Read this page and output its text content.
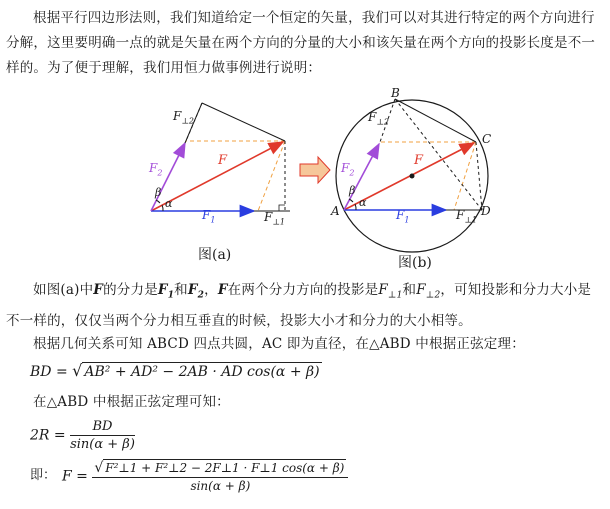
根据平行四边形法则，我们知道给定一个恒定的矢量，我们可以对其进行特定的两个方向进行分解，这里要明确一点的就是矢量在两个方向的分量的大小和该矢量在两个方向的投影长度是不一样的。为了便于理解，我们用恒力做事例进行说明：
$F_{\perp 2}$
$F_2$
F
β
α
$F_1$	$F_{\perp 1}$
图(a)
B
C
A	D
$F_{\perp 2}$
$F_2$
F
β
α
$F_1$	$F_{\perp 1}$
图(b)
如图(a)中F的分力是$F_1$和$F_2$，F在两个分力方向的投影是$F_{\perp 1}$和$F_{\perp 2}$，可知投影和分力大小是不一样的，仅仅当两个分力相互垂直的时候，投影大小才和分力的大小相等。
根据几何关系可知 ABCD 四点共圆，AC 即为直径，在△ABD 中根据正弦定理：
BD = √ AB² + AD² − 2AB · AD cos(α + β)
在△ABD 中根据正弦定理可知：
$2R = \frac{BD}{\sin(\alpha + \beta)}$
即： $F = \frac{\text{√ F²⊥1 + F²⊥2 − 2F⊥1 · F⊥1 cos(α + β)}}{\sin(\alpha + \beta)}$
